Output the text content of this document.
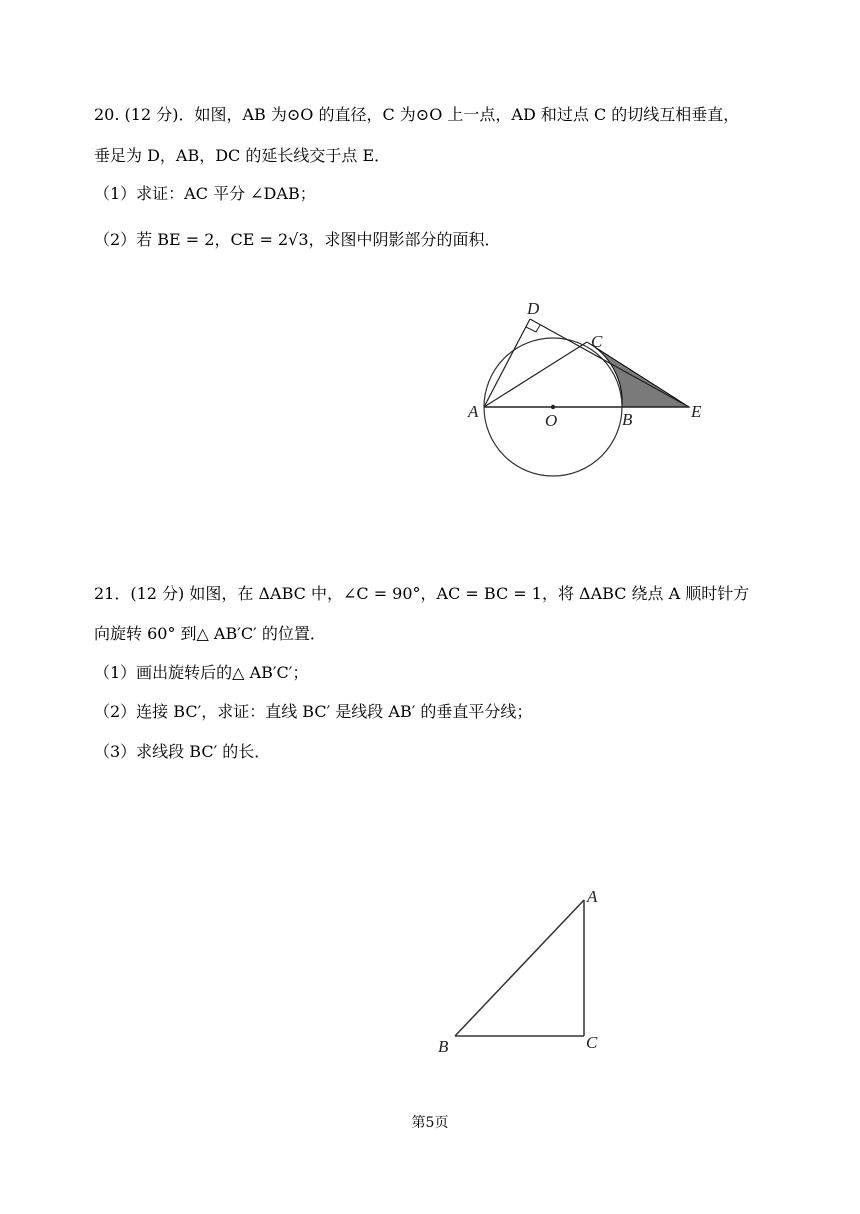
20. (12 分)．如图，AB 为⊙O 的直径，C 为⊙O 上一点，AD 和过点 C 的切线互相垂直，
垂足为 D，AB，DC 的延长线交于点 E．
（1）求证：AC 平分 ∠DAB；
（2）若 BE = 2，CE = 2√3，求图中阴影部分的面积．
D
C
A	O	B	E
21．(12 分) 如图，在 ΔABC 中，∠C = 90°，AC = BC = 1，将 ΔABC 绕点 A 顺时针方
向旋转 60° 到△ AB′C′ 的位置．
（1）画出旋转后的△ AB′C′；
（2）连接 BC′，求证：直线 BC′ 是线段 AB′ 的垂直平分线；
（3）求线段 BC′ 的长．
A
B	C
第5页
